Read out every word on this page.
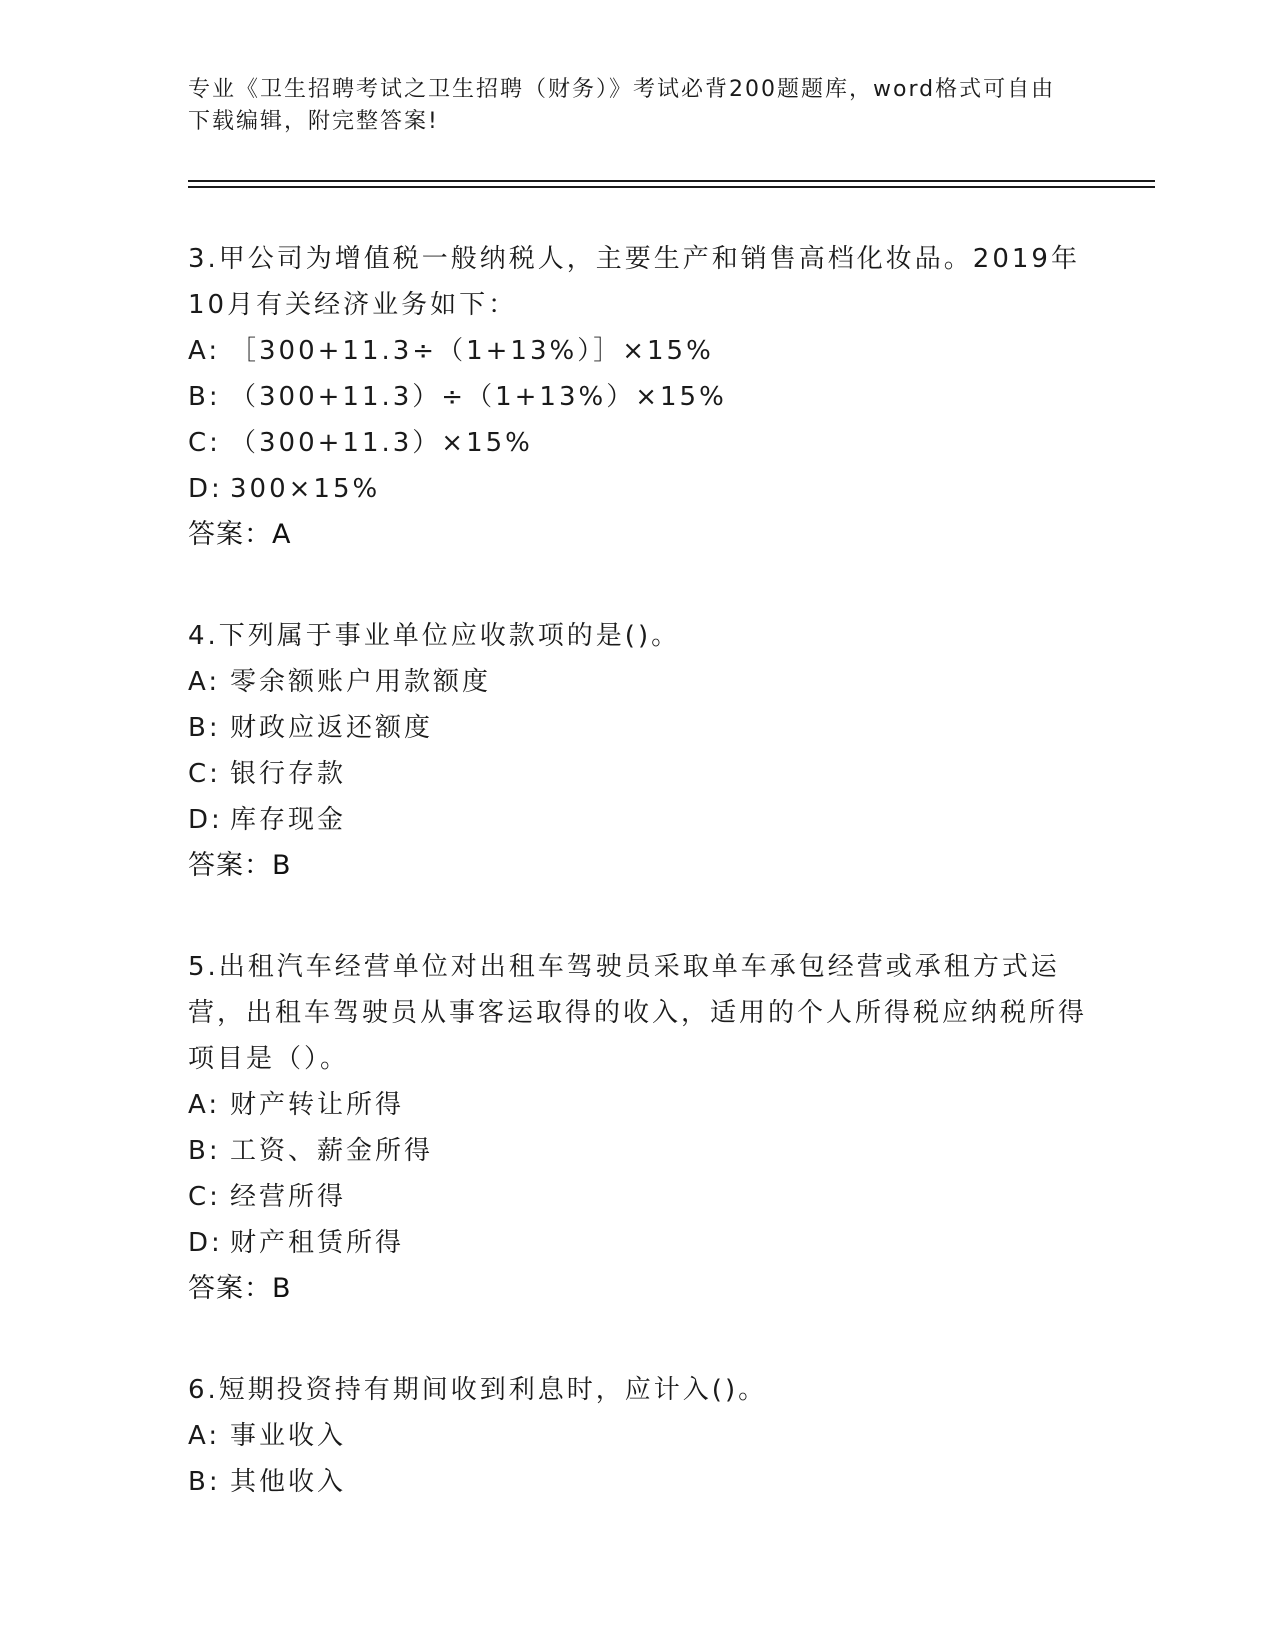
专业《卫生招聘考试之卫生招聘（财务）》考试必背200题题库，word格式可自由下载编辑，附完整答案!
3.甲公司为增值税一般纳税人，主要生产和销售高档化妆品。2019年10月有关经济业务如下：
A: ［300+11.3÷（1+13%）］×15%
B: （300+11.3）÷（1+13%）×15%
C: （300+11.3）×15%
D: 300×15%
答案：A
4.下列属于事业单位应收款项的是()。
A: 零余额账户用款额度
B: 财政应返还额度
C: 银行存款
D: 库存现金
答案：B
5.出租汽车经营单位对出租车驾驶员采取单车承包经营或承租方式运营，出租车驾驶员从事客运取得的收入，适用的个人所得税应纳税所得项目是（）。
A: 财产转让所得
B: 工资、薪金所得
C: 经营所得
D: 财产租赁所得
答案：B
6.短期投资持有期间收到利息时，应计入()。
A: 事业收入
B: 其他收入
